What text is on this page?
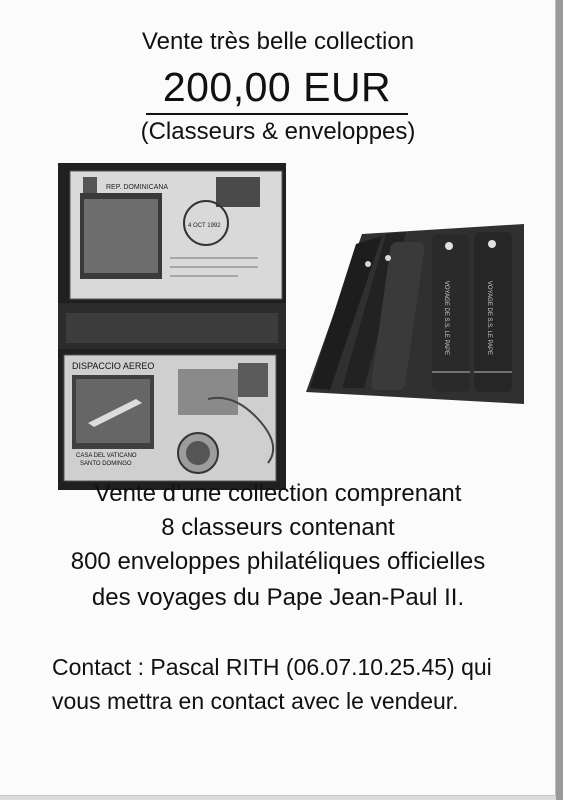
Vente très belle collection
200,00 EUR
(Classeurs & enveloppes)
REP. DOMINICANA
4 OCT 1992
DISPACCIO AEREO
CASA DEL VATICANO
SANTO DOMINGO
VOYAGE DE S.S. LE PAPE	VOYAGE DE S.S. LE PAPE
Vente d’une collection comprenant
8 classeurs contenant
800 enveloppes philatéliques officielles
des voyages du Pape Jean-Paul II.
Contact : Pascal RITH (06.07.10.25.45) qui
vous mettra en contact avec le vendeur.
